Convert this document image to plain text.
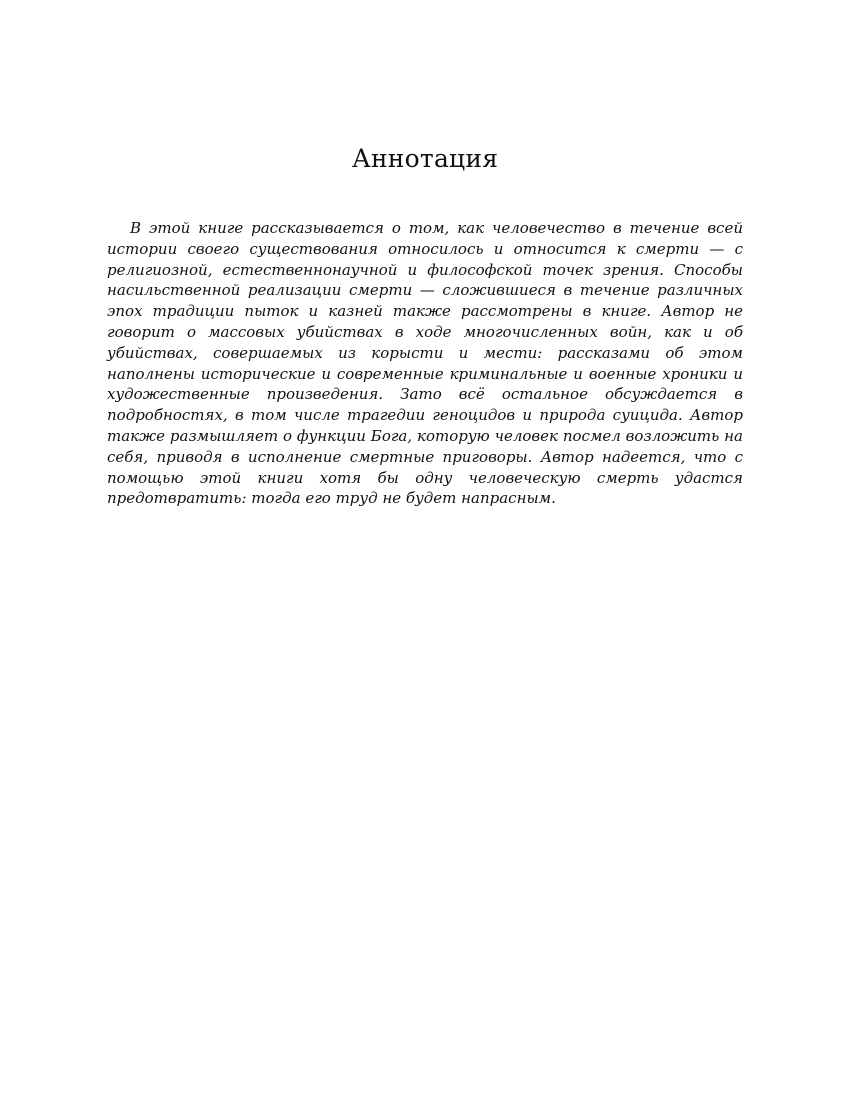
Аннотация

В этой книге рассказывается о том, как человечество в течение всей истории своего существования относилось и относится к смерти — с религиозной, естественнонаучной и философской точек зрения. Способы насильственной реализации смерти — сложившиеся в течение различных эпох традиции пыток и казней также рассмотрены в книге. Автор не говорит о массовых убийствах в ходе многочисленных войн, как и об убийствах, совершаемых из корысти и мести: рассказами об этом наполнены исторические и современные криминальные и военные хроники и художественные произведения. Зато всё остальное обсуждается в подробностях, в том числе трагедии геноцидов и природа суицида. Автор также размышляет о функции Бога, которую человек посмел возложить на себя, приводя в исполнение смертные приговоры. Автор надеется, что с помощью этой книги хотя бы одну человеческую смерть удастся предотвратить: тогда его труд не будет напрасным.
